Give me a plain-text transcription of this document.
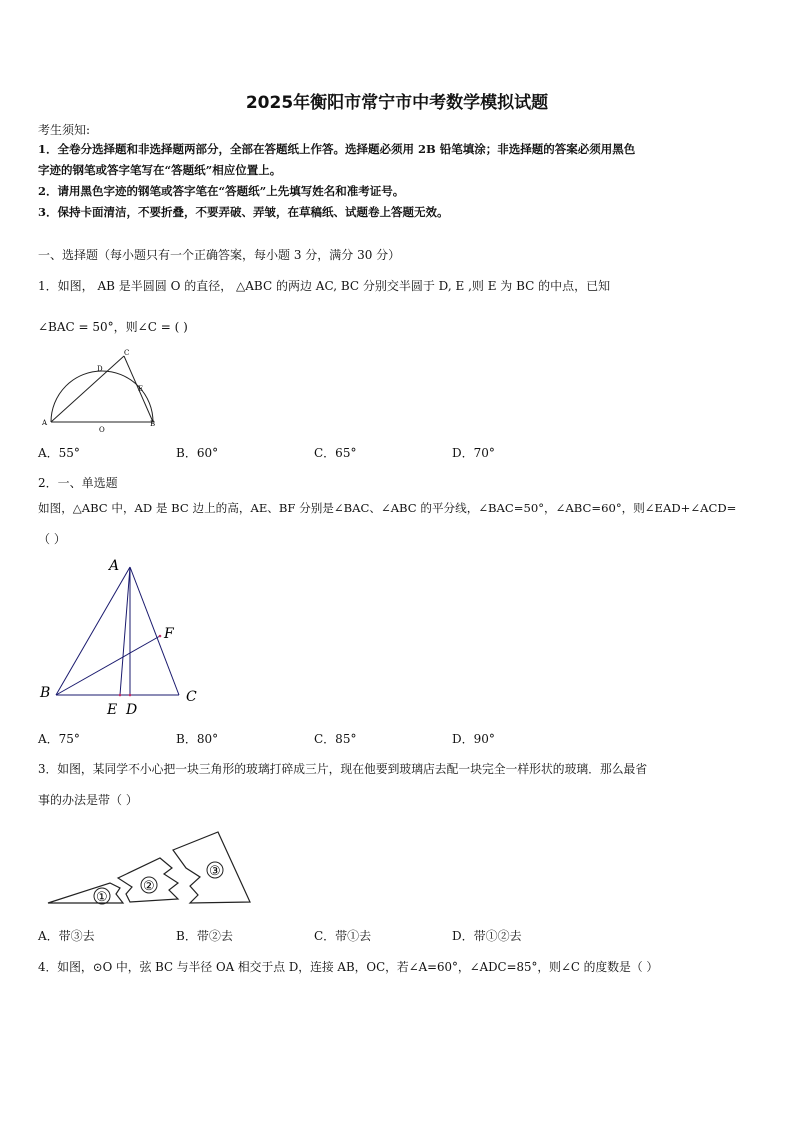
2025年衡阳市常宁市中考数学模拟试题
考生须知:
1．全卷分选择题和非选择题两部分，全部在答题纸上作答。选择题必须用 2B 铅笔填涂；非选择题的答案必须用黑色
字迹的钢笔或答字笔写在“答题纸”相应位置上。
2．请用黑色字迹的钢笔或答字笔在“答题纸”上先填写姓名和准考证号。
3．保持卡面清洁，不要折叠，不要弄破、弄皱，在草稿纸、试题卷上答题无效。
一、选择题（每小题只有一个正确答案，每小题 3 分，满分 30 分）
1．如图， AB 是半圆圆 O 的直径， △ABC 的两边 AC, BC 分别交半圆于 D, E ,则 E 为 BC 的中点，已知
∠BAC = 50°，则∠C = ( )
A	B
C
D
E
O
A．55°	B．60°	C．65°	D．70°
2．一、单选题
如图，△ABC 中，AD 是 BC 边上的高，AE、BF 分别是∠BAC、∠ABC 的平分线，∠BAC=50°，∠ABC=60°，则∠EAD+∠ACD=
（ ）
A
B	C
D
E
F
A．75°	B．80°	C．85°	D．90°
3．如图，某同学不小心把一块三角形的玻璃打碎成三片，现在他要到玻璃店去配一块完全一样形状的玻璃．那么最省
事的办法是带（ ）
①
②
③
A．带③去	B．带②去	C．带①去	D．带①②去
4．如图，⊙O 中，弦 BC 与半径 OA 相交于点 D，连接 AB，OC，若∠A=60°，∠ADC=85°，则∠C 的度数是（ ）
